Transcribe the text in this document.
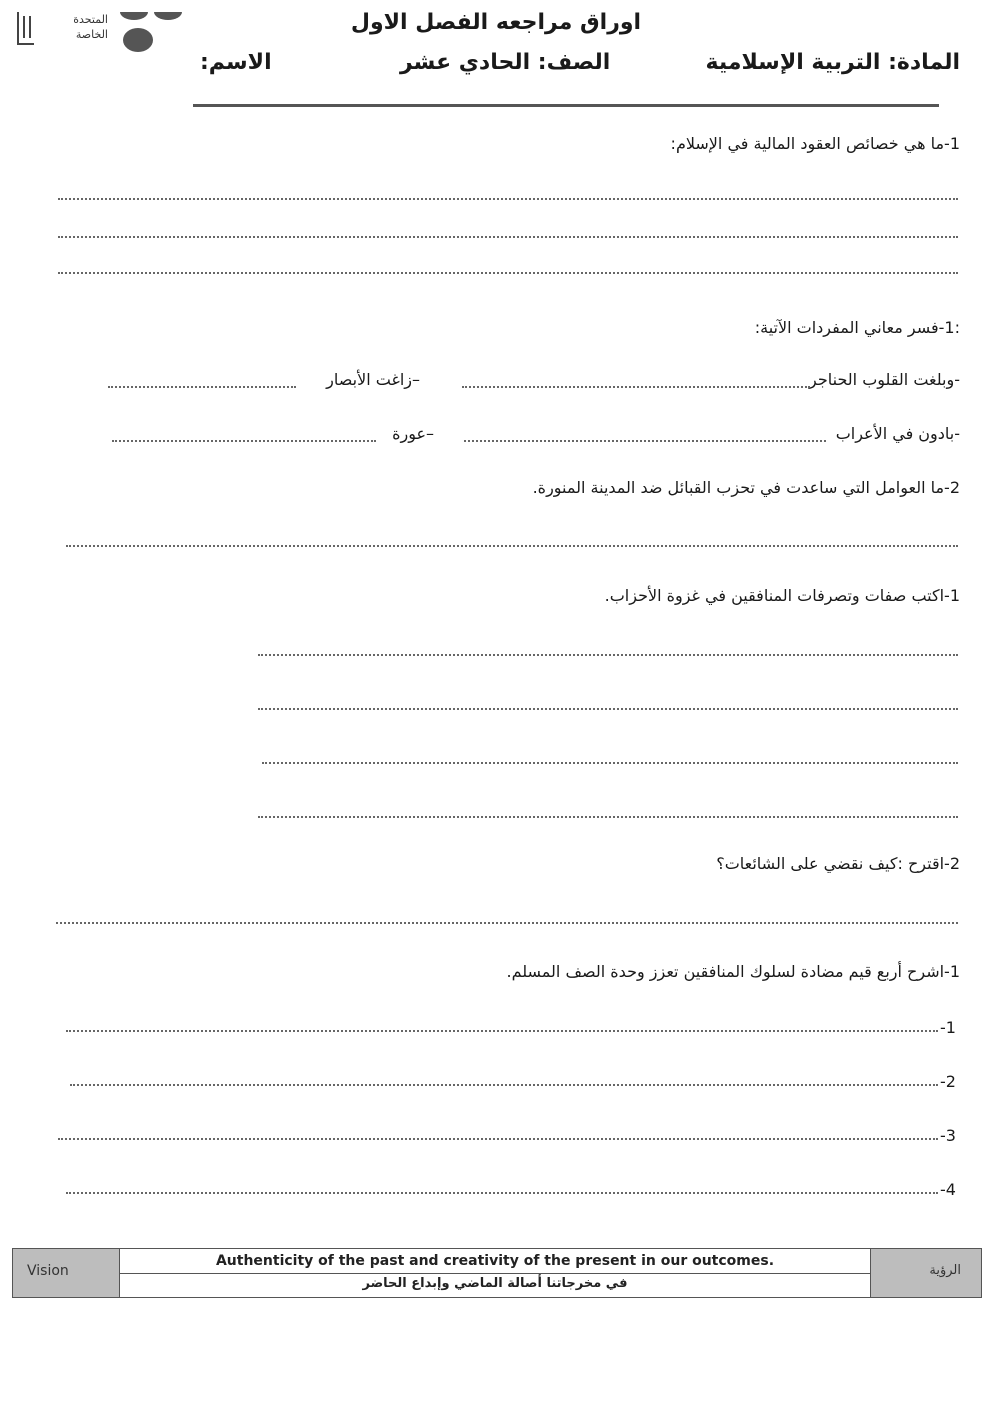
المتحدة
الخاصة	اوراق مراجعه الفصل الاول
المادة: التربية الإسلامية
الصف: الحادي عشر
الاسم:
1-ما هي خصائص العقود المالية في الإسلام:
:1-فسر معاني المفردات الآتية:
-وبلغت القلوب الحناجر
–زاغت الأبصار
-بادون في الأعراب
–عورة
2-ما العوامل التي ساعدت في تحزب القبائل ضد المدينة المنورة.
1-اكتب صفات وتصرفات المنافقين في غزوة الأحزاب.
2-اقترح :كيف نقضي على الشائعات؟
1-اشرح أربع قيم مضادة لسلوك المنافقين تعزز وحدة الصف المسلم.
-1
-2
-3
-4
Vision
Authenticity of the past and creativity of the present in our outcomes.
في مخرجاتنا أصالة الماضي وإبداع الحاضر
الرؤية
